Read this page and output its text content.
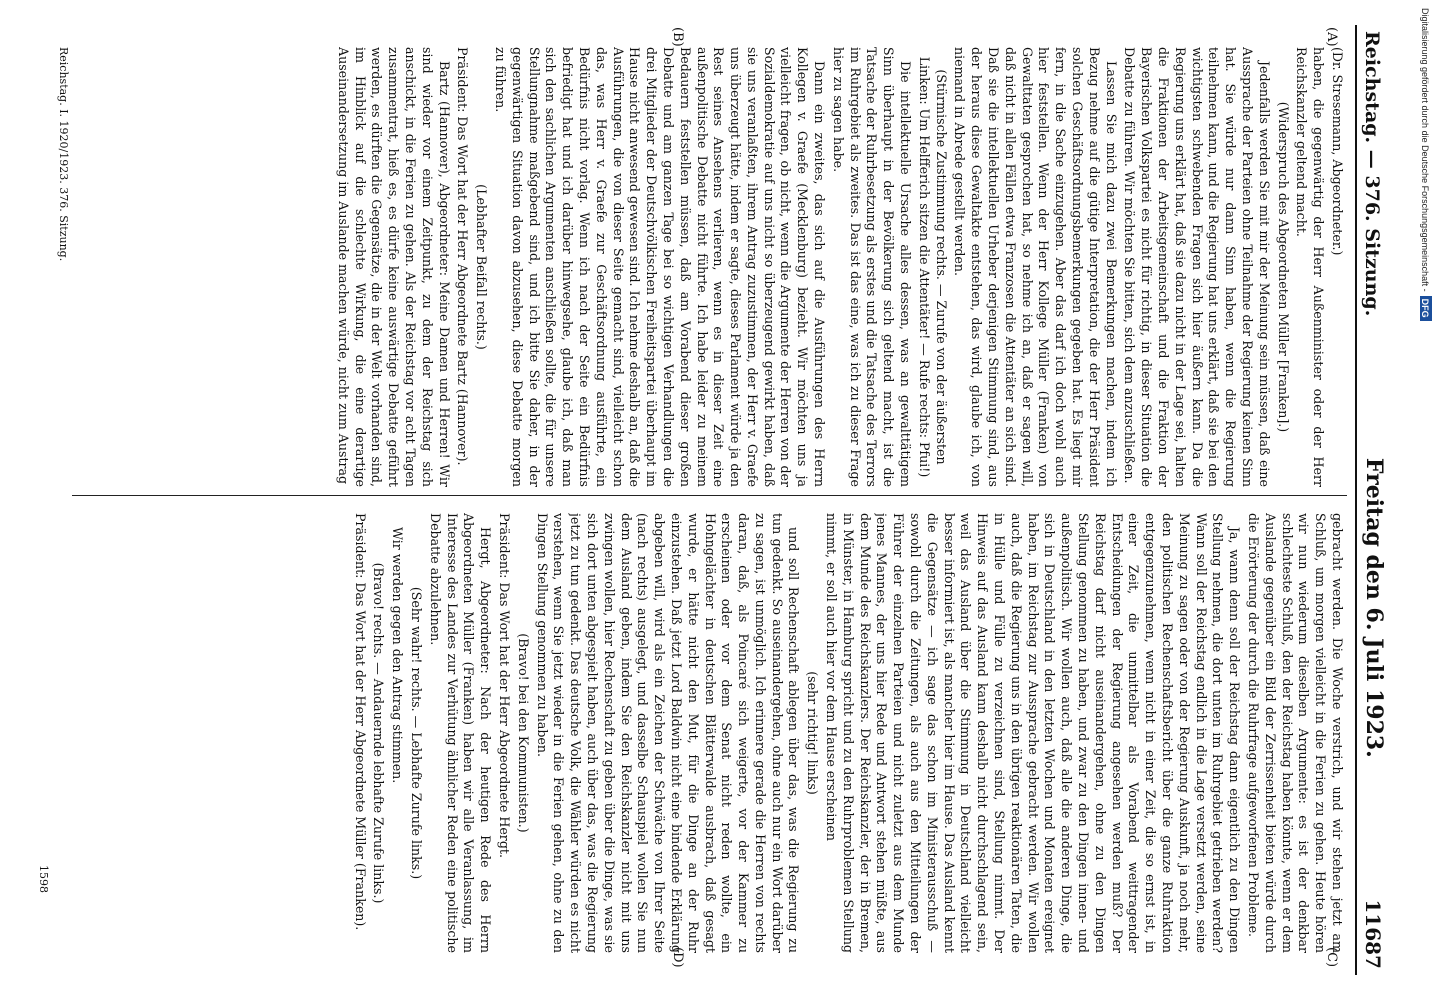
Reichstag. — 376. Sitzung.
Freitag den 6. Juli 1923.
11687
(A)
(B)
(C)
(D)

(Dr. Stresemann, Abgeordneter.)

haben, die gegenwärtig der Herr Außenminister oder der Herr Reichskanzler geltend macht.

(Widerspruch des Abgeordneten Müller [Franken].)

Jedenfalls werden Sie mit mir der Meinung sein müssen, daß eine Aussprache der Parteien ohne Teilnahme der Regierung keinen Sinn hat. Sie würde nur dann Sinn haben, wenn die Regierung teilnehmen kann, und die Regierung hat uns erklärt, daß sie bei den wichtigsten schwebenden Fragen sich hier äußern kann. Da die Regierung uns erklärt hat, daß sie dazu nicht in der Lage sei, halten die Fraktionen der Arbeitsgemeinschaft und die Fraktion der Bayerischen Volkspartei es nicht für richtig, in dieser Situation die Debatte zu führen. Wir möchten Sie bitten, sich dem anzuschließen.

Lassen Sie mich dazu zwei Bemerkungen machen, indem ich Bezug nehme auf die gütige Interpretation, die der Herr Präsident solchen Geschäftsordnungsbemerkungen gegeben hat. Es liegt mir fern, in die Sache einzugehen. Aber das darf ich doch wohl auch hier feststellen. Wenn der Herr Kollege Müller (Franken) von Gewalttaten gesprochen hat, so nehme ich an, daß er sagen will, daß nicht in allen Fällen etwa Franzosen die Attentäter an sich sind. Daß sie die intellektuellen Urheber derjenigen Stimmung sind, aus der heraus diese Gewaltakte entstehen, das wird, glaube ich, von niemand in Abrede gestellt werden.

(Stürmische Zustimmung rechts. — Zurufe von der äußersten Linken: Um Helfferich sitzen die Attentäter! — Rufe rechts: Pfui!)

Die intellektuelle Ursache alles dessen, was an gewalttätigem Sinn überhaupt in der Bevölkerung sich geltend macht, ist die Tatsache der Ruhrbesetzung als erstes und die Tatsache des Terrors im Ruhrgebiet als zweites. Das ist das eine, was ich zu dieser Frage hier zu sagen habe.

Dann ein zweites, das sich auf die Ausführungen des Herrn Kollegen v. Graefe (Mecklenburg) bezieht. Wir möchten uns ja vielleicht fragen, ob nicht, wenn die Argumente der Herren von der Sozialdemokratie auf uns nicht so überzeugend gewirkt haben, daß sie uns veranlaßten, ihrem Antrag zuzustimmen, der Herr v. Graefe uns überzeugt hätte, indem er sagte, dieses Parlament würde ja den Rest seines Ansehens verlieren, wenn es in dieser Zeit eine außenpolitische Debatte nicht führte. Ich habe leider zu meinem Bedauern feststellen müssen, daß am Vorabend dieser großen Debatte und am ganzen Tage bei so wichtigen Verhandlungen die drei Mitglieder der Deutschvölkischen Freiheitspartei überhaupt im Hause nicht anwesend gewesen sind. Ich nehme deshalb an, daß die Ausführungen, die von dieser Seite gemacht sind, vielleicht schon das, was Herr v. Graefe zur Geschäftsordnung ausführte, ein Bedürfnis nicht vorlag. Wenn ich nach der Seite ein Bedürfnis befriedigt hat und ich darüber hinwegsehe, glaube ich, daß man sich den sachlichen Argumenten anschließen sollte, die für unsere Stellungnahme maßgebend sind, und ich bitte Sie daher, in der gegenwärtigen Situation davon abzusehen, diese Debatte morgen zu führen.

(Lebhafter Beifall rechts.)

Präsident: Das Wort hat der Herr Abgeordnete Bartz (Hannover).

Bartz (Hannover), Abgeordneter: Meine Damen und Herren! Wir sind wieder vor einem Zeitpunkt, zu dem der Reichstag sich anschickt, in die Ferien zu gehen. Als der Reichstag vor acht Tagen zusammentrat, hieß es, es dürfe keine auswärtige Debatte geführt werden, es dürften die Gegensätze, die in der Welt vorhanden sind, im Hinblick auf die schlechte Wirkung, die eine derartige Auseinandersetzung im Auslande machen würde, nicht zum Austrag

gebracht werden. Die Woche verstrich, und wir stehen jetzt am Schluß, um morgen vielleicht in die Ferien zu gehen. Heute hören wir nun wiederum dieselben Argumente: es ist der denkbar schlechteste Schluß, den der Reichstag haben könnte, wenn er dem Auslande gegenüber ein Bild der Zerrissenheit bieten würde durch die Erörterung der durch die Ruhrfrage aufgeworfenen Probleme.

Ja, wann denn soll der Reichstag dann eigentlich zu den Dingen Stellung nehmen, die dort unten im Ruhrgebiet getrieben werden? Wann soll der Reichstag endlich in die Lage versetzt werden, seine Meinung zu sagen oder von der Regierung Auskunft, ja noch mehr, den politischen Rechenschaftsbericht über die ganze Ruhraktion entgegenzunehmen, wenn nicht in einer Zeit, die so ernst ist, in einer Zeit, die unmittelbar als Vorabend weittragender Entscheidungen der Regierung angesehen werden muß? Der Reichstag darf nicht auseinandergehen, ohne zu den Dingen Stellung genommen zu haben, und zwar zu den Dingen innen- und außenpolitisch. Wir wollen auch, daß alle die anderen Dinge, die sich in Deutschland in den letzten Wochen und Monaten ereignet haben, im Reichstag zur Aussprache gebracht werden. Wir wollen auch, daß die Regierung uns in den übrigen reaktionären Taten, die in Hülle und Fülle zu verzeichnen sind, Stellung nimmt. Der Hinweis auf das Ausland kann deshalb nicht durchschlagend sein, weil das Ausland über die Stimmung in Deutschland vielleicht besser informiert ist, als mancher hier im Hause. Das Ausland kennt die Gegensätze — ich sage das schon im Ministerausschuß — sowohl durch die Zeitungen, als auch aus den Mitteilungen der Führer der einzelnen Parteien und nicht zuletzt aus dem Munde jenes Mannes, der uns hier Rede und Antwort stehen müßte, aus dem Munde des Reichskanzlers. Der Reichskanzler, der in Bremen, in Münster, in Hamburg spricht und zu den Ruhrproblemen Stellung nimmt, er soll auch hier vor dem Hause erscheinen

(sehr richtig! links)

und soll Rechenschaft ablegen über das, was die Regierung zu tun gedenkt. So auseinandergehen, ohne auch nur ein Wort darüber zu sagen, ist unmöglich. Ich erinnere gerade die Herren von rechts daran, daß, als Poincaré sich weigerte, vor der Kammer zu erscheinen oder vor dem Senat nicht reden wollte, ein Hohngelächter in deutschen Blätterwalde ausbrach, daß gesagt wurde, er hätte nicht den Mut, für die Dinge an der Ruhr einzustehen. Daß jetzt Lord Baldwin nicht eine bindende Erklärung abgeben will, wird als ein Zeichen der Schwäche von Ihrer Seite (nach rechts) ausgelegt, und dasselbe Schauspiel wollen Sie nun dem Ausland geben, indem Sie den Reichskanzler nicht mit uns zwingen wollen, hier Rechenschaft zu geben über die Dinge, was sie sich dort unten abgespielt haben, auch über das, was die Regierung jetzt zu tun gedenkt. Das deutsche Volk, die Wähler würden es nicht verstehen, wenn Sie jetzt wieder in die Ferien gehen, ohne zu den Dingen Stellung genommen zu haben.

(Bravo! bei den Kommunisten.)

Präsident: Das Wort hat der Herr Abgeordnete Hergt.

Hergt, Abgeordneter: Nach der heutigen Rede des Herrn Abgeordneten Müller (Franken) haben wir alle Veranlassung, im Interesse des Landes zur Verhütung ähnlicher Reden eine politische Debatte abzulehnen.

(Sehr wahr! rechts. — Lebhafte Zurufe links.)

Wir werden gegen den Antrag stimmen.

(Bravo! rechts. — Andauernde lebhafte Zurufe links.)

Präsident: Das Wort hat der Herr Abgeordnete Müller (Franken).

Reichstag. I. 1920/1923. 376. Sitzung.
1598
Digitalisierung gefördert durch die Deutsche Forschungsgemeinschaft -DFG
